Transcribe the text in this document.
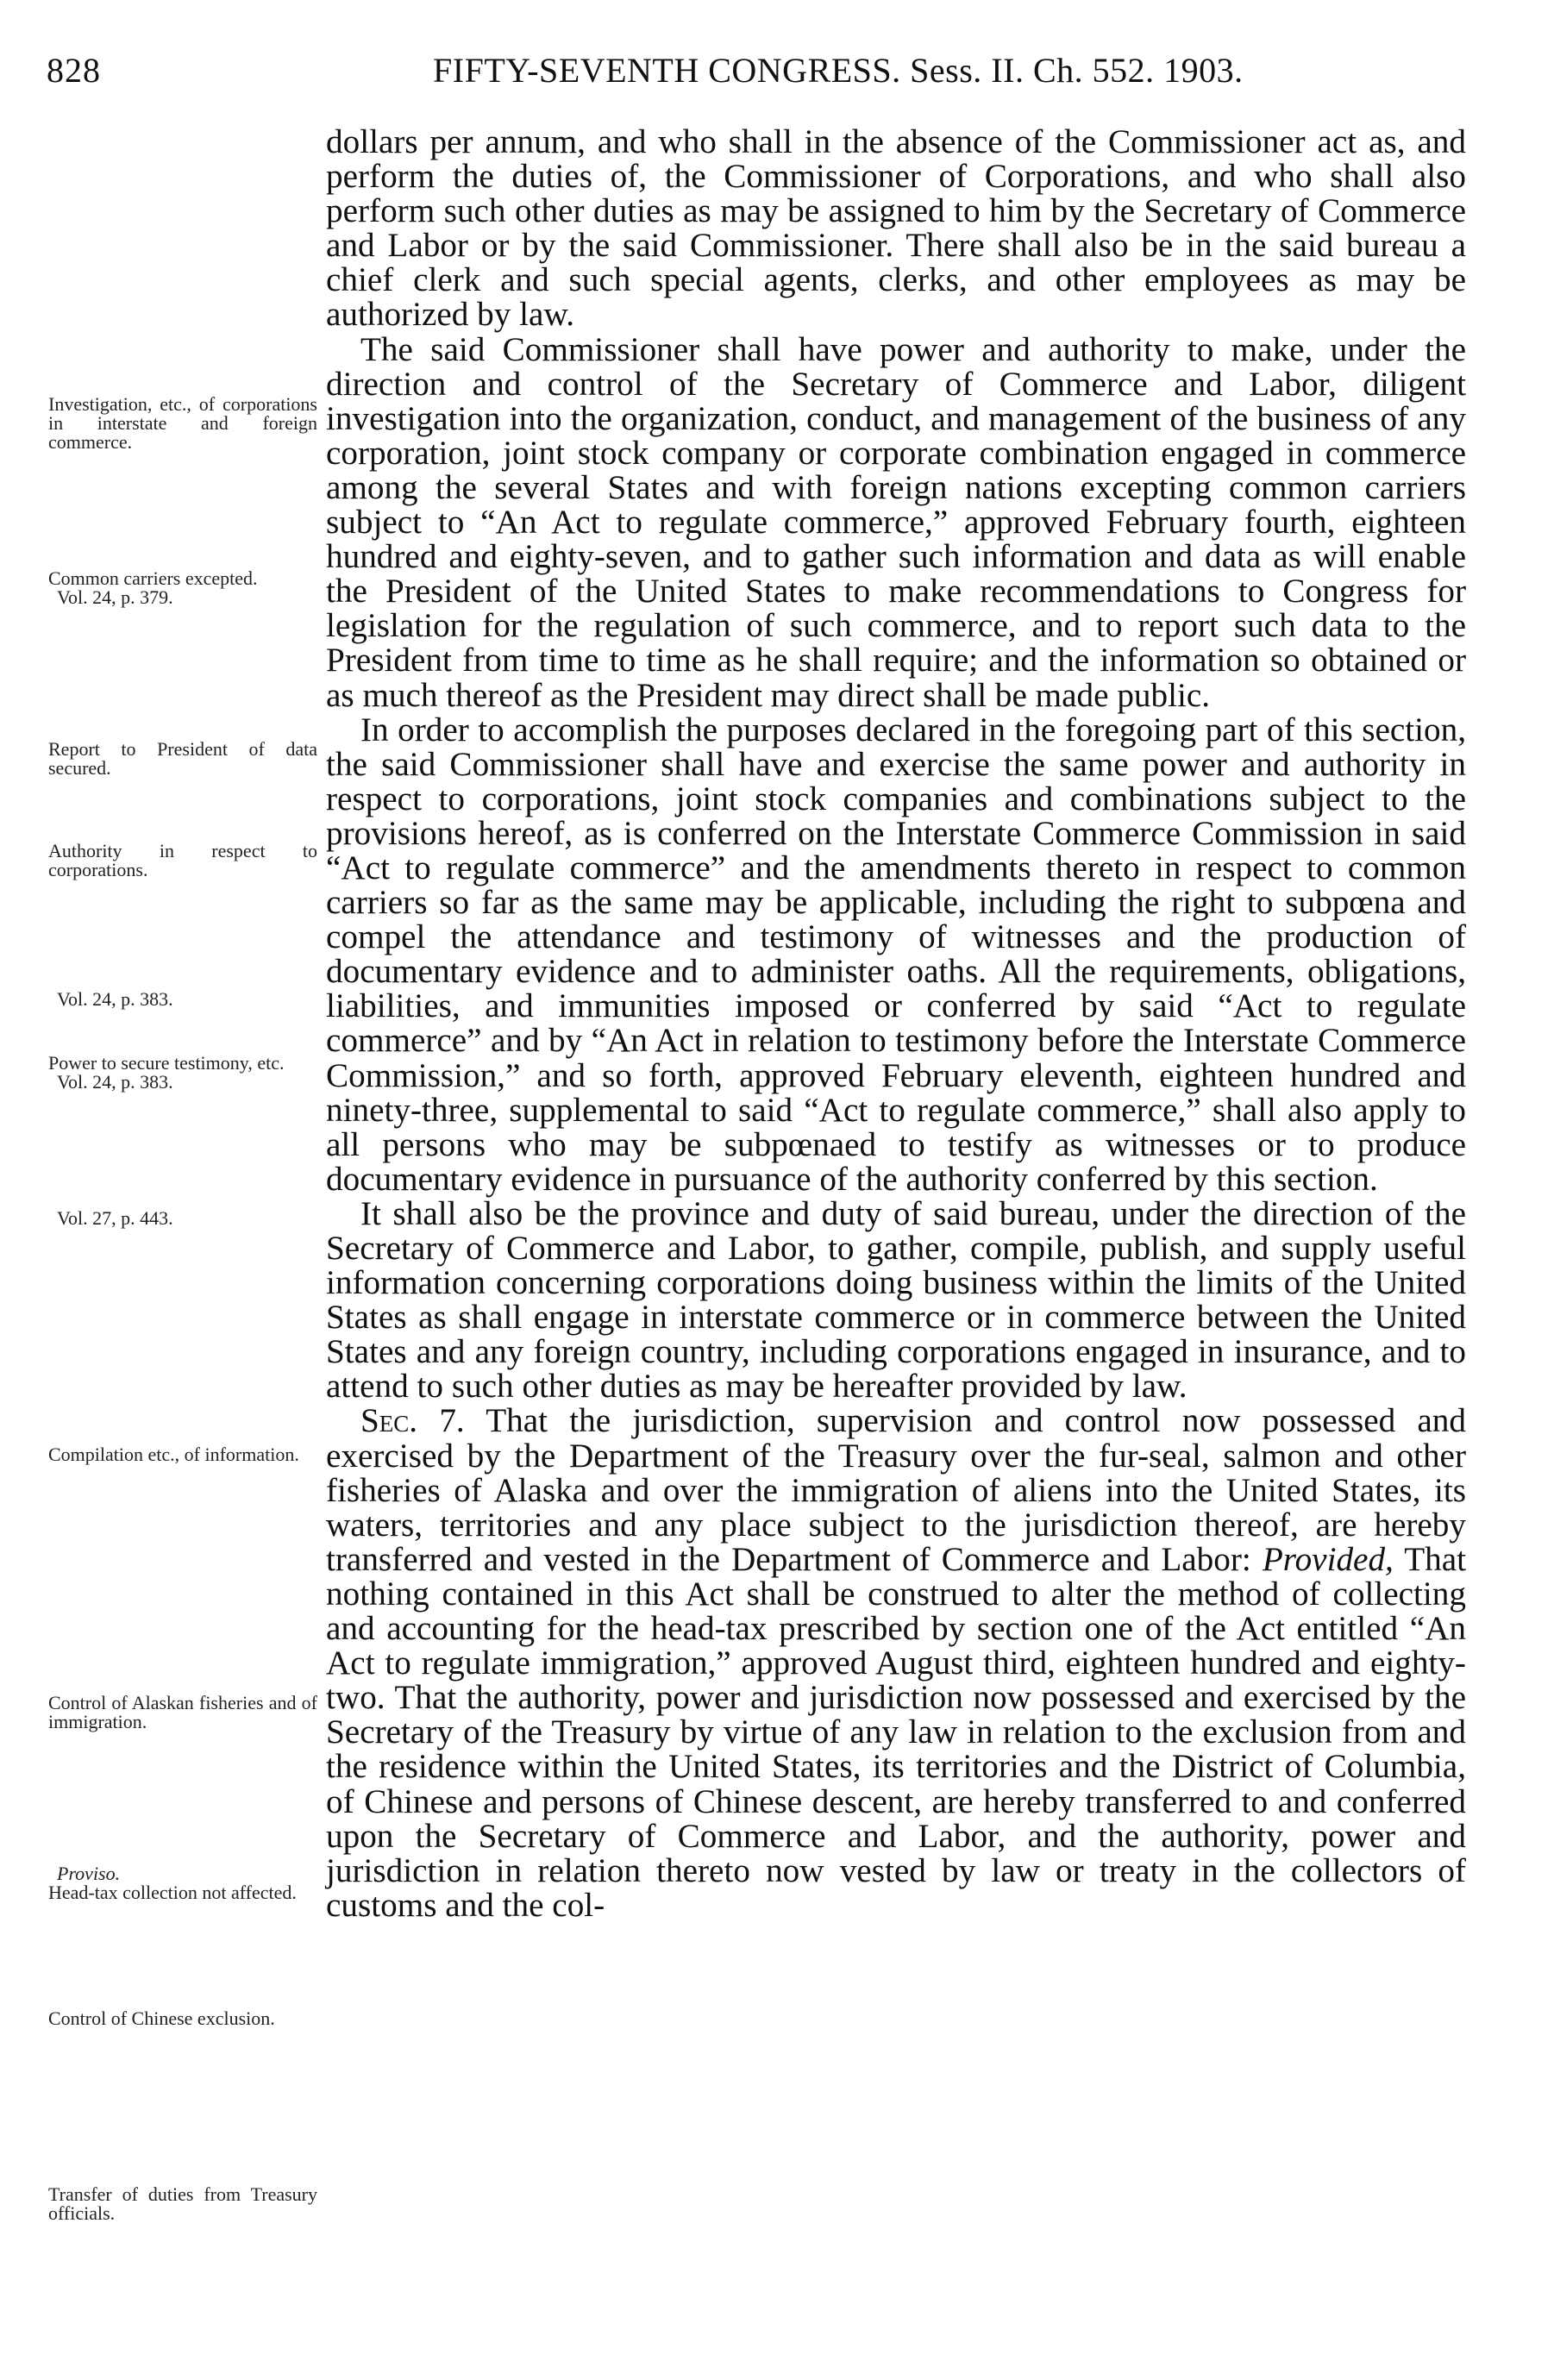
828	FIFTY-SEVENTH CONGRESS. Sess. II. Ch. 552. 1903.

dollars per annum, and who shall in the absence of the Commissioner act as, and perform the duties of, the Commissioner of Corporations, and who shall also perform such other duties as may be assigned to him by the Secretary of Commerce and Labor or by the said Commissioner. There shall also be in the said bureau a chief clerk and such special agents, clerks, and other employees as may be authorized by law.

The said Commissioner shall have power and authority to make, under the direction and control of the Secretary of Commerce and Labor, diligent investigation into the organization, conduct, and management of the business of any corporation, joint stock company or corporate combination engaged in commerce among the several States and with foreign nations excepting common carriers subject to “An Act to regulate commerce,” approved February fourth, eighteen hundred and eighty-seven, and to gather such information and data as will enable the President of the United States to make recommendations to Congress for legislation for the regulation of such commerce, and to report such data to the President from time to time as he shall require; and the information so obtained or as much thereof as the President may direct shall be made public.

In order to accomplish the purposes declared in the foregoing part of this section, the said Commissioner shall have and exercise the same power and authority in respect to corporations, joint stock companies and combinations subject to the provisions hereof, as is conferred on the Interstate Commerce Commission in said “Act to regulate commerce” and the amendments thereto in respect to common carriers so far as the same may be applicable, including the right to subpœna and compel the attendance and testimony of witnesses and the production of documentary evidence and to administer oaths. All the requirements, obligations, liabilities, and immunities imposed or conferred by said “Act to regulate commerce” and by “An Act in relation to testimony before the Interstate Commerce Commission,” and so forth, approved February eleventh, eighteen hundred and ninety-three, supplemental to said “Act to regulate commerce,” shall also apply to all persons who may be subpœnaed to testify as witnesses or to produce documentary evidence in pursuance of the authority conferred by this section.

It shall also be the province and duty of said bureau, under the direction of the Secretary of Commerce and Labor, to gather, compile, publish, and supply useful information concerning corporations doing business within the limits of the United States as shall engage in interstate commerce or in commerce between the United States and any foreign country, including corporations engaged in insurance, and to attend to such other duties as may be hereafter provided by law.

Sec. 7. That the jurisdiction, supervision and control now possessed and exercised by the Department of the Treasury over the fur-seal, salmon and other fisheries of Alaska and over the immigration of aliens into the United States, its waters, territories and any place subject to the jurisdiction thereof, are hereby transferred and vested in the Department of Commerce and Labor: Provided, That nothing contained in this Act shall be construed to alter the method of collecting and accounting for the head-tax prescribed by section one of the Act entitled “An Act to regulate immigration,” approved August third, eighteen hundred and eighty-two. That the authority, power and jurisdiction now possessed and exercised by the Secretary of the Treasury by virtue of any law in relation to the exclusion from and the residence within the United States, its territories and the District of Columbia, of Chinese and persons of Chinese descent, are hereby transferred to and conferred upon the Secretary of Commerce and Labor, and the authority, power and jurisdiction in relation thereto now vested by law or treaty in the collectors of customs and the col-

Investigation, etc., of corporations in interstate and foreign commerce.
Common carriers excepted.
Vol. 24, p. 379.
Report to President of data secured.
Authority in respect to corporations.
Vol. 24, p. 383.
Power to secure testimony, etc.
Vol. 24, p. 383.
Vol. 27, p. 443.
Compilation etc., of information.
Control of Alaskan fisheries and of immigration.
Proviso.
Head-tax collection not affected.
Control of Chinese exclusion.
Transfer of duties from Treasury officials.
